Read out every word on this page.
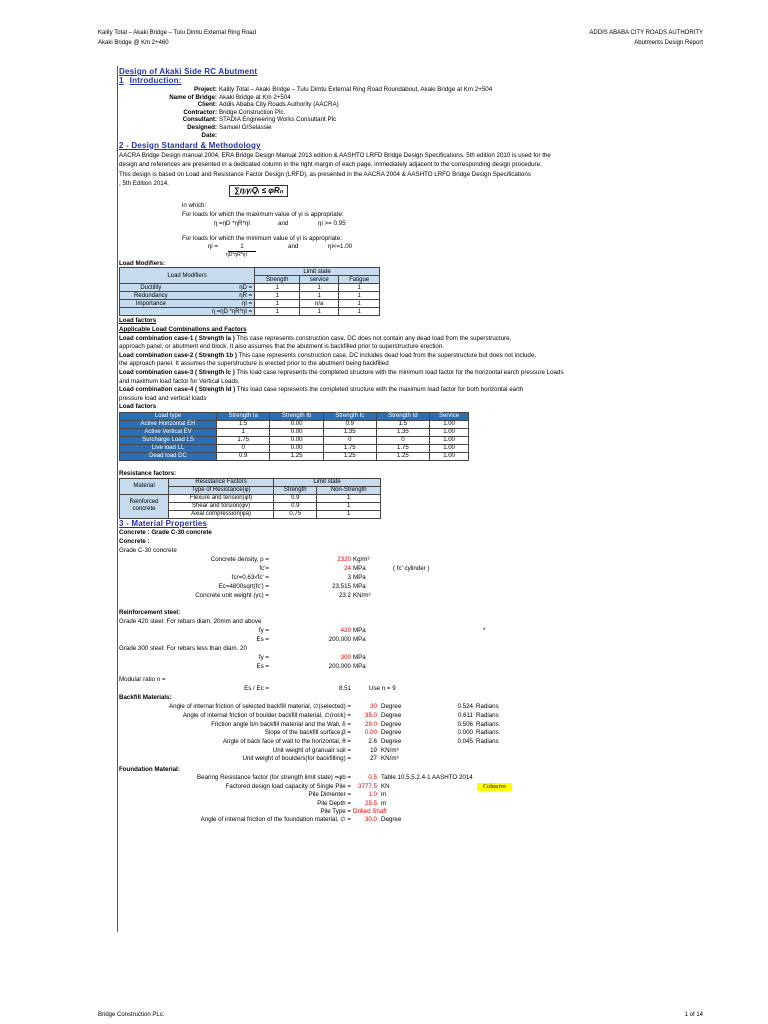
Kality Total – Akaki Bridge – Tulu Dimtu External Ring Road
Akaki Bridge @ Km 2+460
ADDIS ABABA CITY ROADS AUTHORITY
Abutments Design Report
Design of Akaki Side RC Abutment
1 Introduction:
Project: Kality Total – Akaki Bridge – Tulu Dimtu External Ring Road Roundabout, Akaki Bridge at Km 2+504
Name of Bridge: Akaki Bridge at Km 2+504
Client: Addis Ababa City Roads Authority (AACRA)
Contractor: Bridge Construction Plc.
Consultant: STADIA Engineering Works Consultant Plc
Designed: Samuel G/Selassie
Date:
2 - Design Standard & Methodology
AACRA Bridge Design manual 2004, ERA Bridge Design Manual 2013 edition & AASHTO LRFD Bridge Design Specifications. 5th edition 2010 is used for the
design and references are presented in a dedicated column in the right margin of each page, immediately adjacent to the corresponding design procedure.
This design is based on Load and Resistance Factor Design (LRFD), as presented in the AACRA 2004 & AASHTO LRFD Bridge Design Specifications
, 5th Edition 2014.
∑ηᵢγᵢQᵢ ≤ φRₙ
in which:
For loads for which the maximum value of γi is appropriate:
η =ηD *ηR*ηI	and	ηi >= 0.95
For loads for which the minimum value of γi is appropriate:
ηi =	1	and	ηi<=1.00
ηD*ηR*ηI
Load Modifiers:
Load Modifiers		Limit state		
		Strength	service	Fatigue
Ductility	ηD =	1	1	1
Redundancy	ηR =	1	1	1
Importance	ηI =	1	n/a	1
	η =ηD *ηR*ηI =	1	1	1
Load factors
Applicable Load Combinations and Factors
Load combination case-1 ( Strength Ia ) This case represents construction case, DC does not contain any dead load from the superstructure,
approach panel, or abutment end block. It also assumes that the abutment is backfilled prior to superstructure erection.
Load combination case-2 ( Strength 1b ) This case represents construction case, DC includes dead load from the superstructure but does not include,
the approach panel. It assumes the superstructure is erected prior to the abutment being backfilled
Load combination case-3 ( Strength Ic ) This load case represents the completed structure with the minimum load factor for the horizontal earch pressure Loads
and maximum load factor for Vertical Loads.
Load combination case-4 ( Strength Id ) This load case represents the completed structure with the maximum load factor for both horizontal earth
pressure load and vertical loads
Load factors
Load type	Strength Ia	Strength Ib	Strength Ic	Strength Id	Service
Active Horizontal EH	1.5	0.00	0.9	1.5	1.00
Active Vertical EV	1	0.00	1.35	1.35	1.00
Surcharge Load LS	1.75	0.00	0	0	1.00
Live load LL	0	0.00	1.75	1.75	1.00
Dead load DC	0.9	1.25	1.25	1.25	1.00
Resistance factors:
Material	Resistance Factors	Limit state	
	Type of Resistance(φ)	Strength	Non-Strength
Reinforced concrete	Flexure and tension(φf)	0.9	1
	Shear and torsion(φv)	0.9	1
	Axial compression(φa)	0.75	1
3 - Material Properties
Concrete : Grade C-30 concrete
Concrete :
Grade C-30 concrete
Concrete density, ρ =	2320 Kg/m³
fc'=	24 MPa	( fc' cylinder )
fcr=0.63√fc' =	3 MPa
Ec=4800sqrt(fc') =	23,515 MPa
Concrete unit weight (γc) =	23.2 KN/m³
Reinforcement steel:
Grade 420 steel: For rebars diam. 20mm and above
fy =	420 MPa	*
Es =	200,000 MPa
Grade 300 steel: For rebars less than diam. 20
fy =	300 MPa
Es =	200,000 MPa
Modular ratio n =
Es / Ec =	8.51	Use n = 9
Backfill Materials:
Angle of internal friction of selected backfill material, ∅(selected) =	30 Degree	0.524 Radians
Angle of internal friction of boulder backfill material, ∅(rock) =	35.0 Degree	0.611 Radians
Friction angle b/n backfill material and the Wall, δ =	29.0 Degree	0.506 Radians
Slope of the backfill surface,β =	0.00 Degree	0.000 Radians
Angle of back face of wall to the horizontal, θ =	2.6 Degree	0.045 Radians
Unit weight of granualr soil =	19 KN/m³
Unit weight of boulders(for backfilling) =	27 KN/m³
Foundation Material:
Bearing Resistance factor (for strength limit state) =φb =	0.5 Table 10.5.5.2.4-1 AASHTO 2014
Factored design load capacity of Single Pile =	3777.5 KN	Cohesive
Pile Dimenter =	1.0 m
Pile Depth =	25.5 m
Pile Type = Drilled Shaft
Angle of internal friction of the foundation material, ∅ =	30.0 Degree
Bridge Construction PLc.	1 of 14
